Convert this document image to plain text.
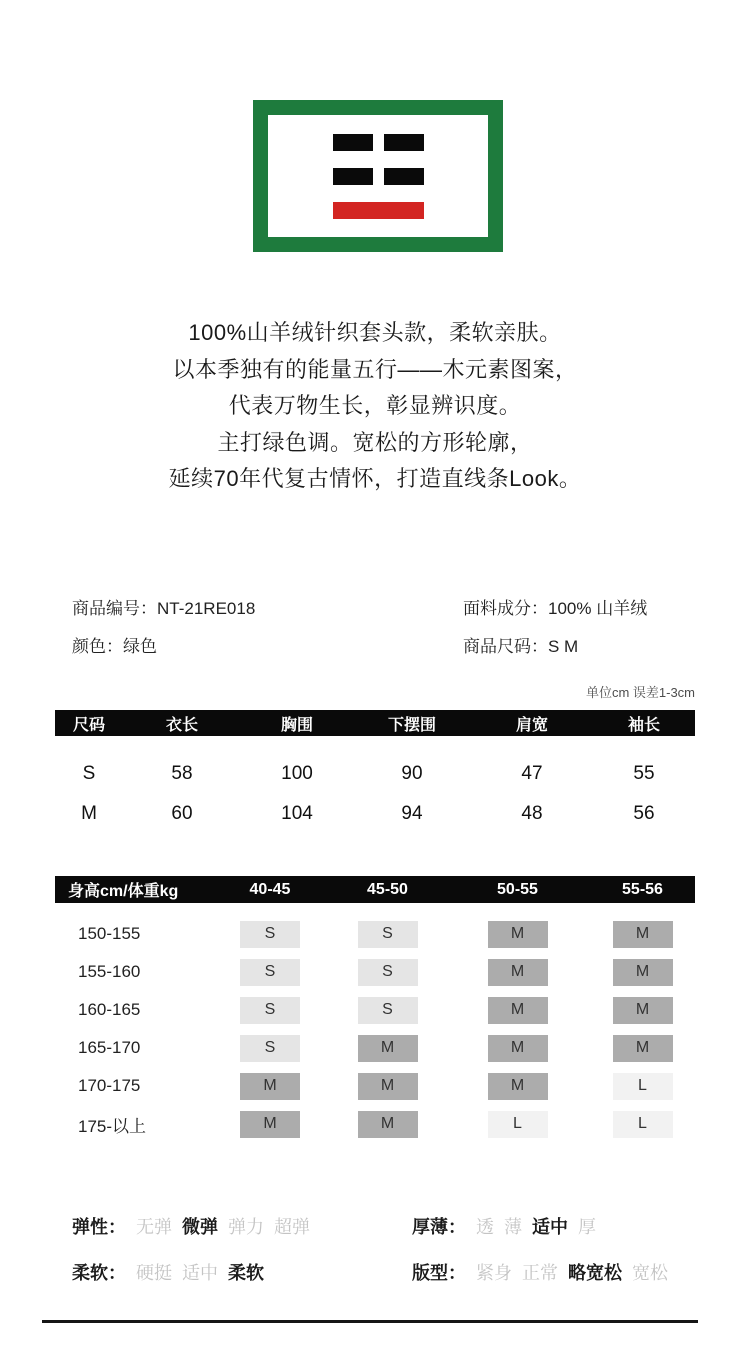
100%山羊绒针织套头款，柔软亲肤。
以本季独有的能量五行——木元素图案，
代表万物生长，彰显辨识度。
主打绿色调。宽松的方形轮廓，
延续70年代复古情怀，打造直线条Look。
商品编号：NT-21RE018
颜色：绿色
面料成分：100% 山羊绒
商品尺码：S M
单位cm 误差1-3cm
尺码	衣长	胸围	下摆围	肩宽	袖长
S	58	100	90	47	55
M	60	104	94	48	56
身高cm/体重kg	40-45	45-50	50-55	55-56
150-155	S	S	M	M
155-160	S	S	M	M
160-165	S	S	M	M
165-170	S	M	M	M
170-175	M	M	M	L
175-以上	M	M	L	L
弹性： 无弹 微弹 弹力 超弹
柔软： 硬挺 适中 柔软
厚薄： 透 薄 适中 厚
版型： 紧身 正常 略宽松 宽松
